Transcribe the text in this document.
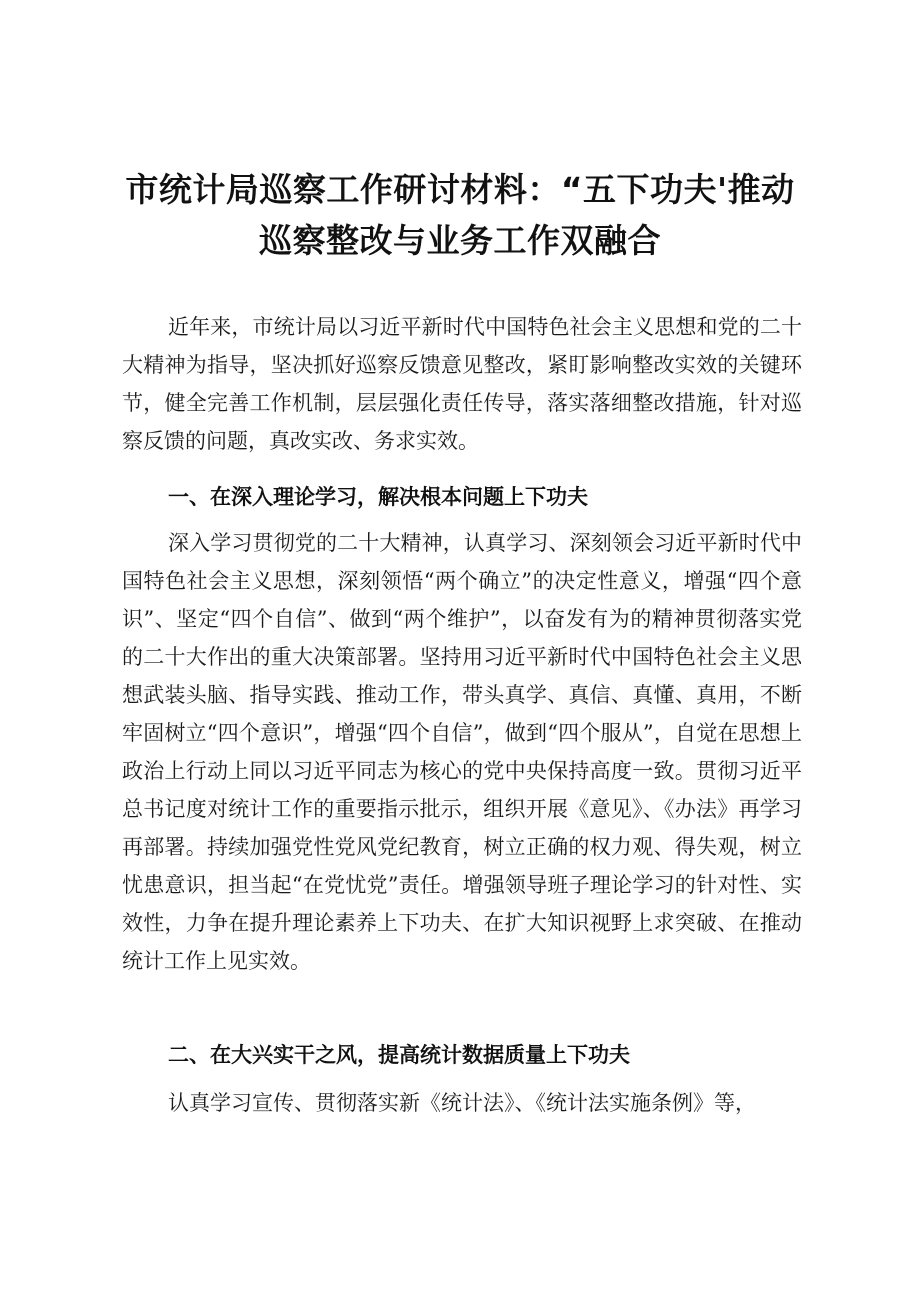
市统计局巡察工作研讨材料：“五下功夫'推动
巡察整改与业务工作双融合

近年来，市统计局以习近平新时代中国特色社会主义思想和党的二十大精神为指导，坚决抓好巡察反馈意见整改，紧盯影响整改实效的关键环节，健全完善工作机制，层层强化责任传导，落实落细整改措施，针对巡察反馈的问题，真改实改、务求实效。

一、在深入理论学习，解决根本问题上下功夫

深入学习贯彻党的二十大精神，认真学习、深刻领会习近平新时代中国特色社会主义思想，深刻领悟“两个确立”的决定性意义，增强“四个意识”、坚定“四个自信”、做到“两个维护”，以奋发有为的精神贯彻落实党的二十大作出的重大决策部署。坚持用习近平新时代中国特色社会主义思想武装头脑、指导实践、推动工作，带头真学、真信、真懂、真用，不断牢固树立“四个意识”，增强“四个自信”，做到“四个服从”，自觉在思想上政治上行动上同以习近平同志为核心的党中央保持高度一致。贯彻习近平总书记度对统计工作的重要指示批示，组织开展《意见》、《办法》再学习再部署。持续加强党性党风党纪教育，树立正确的权力观、得失观，树立忧患意识，担当起“在党忧党”责任。增强领导班子理论学习的针对性、实效性，力争在提升理论素养上下功夫、在扩大知识视野上求突破、在推动统计工作上见实效。

二、在大兴实干之风，提高统计数据质量上下功夫

认真学习宣传、贯彻落实新《统计法》、《统计法实施条例》等，
